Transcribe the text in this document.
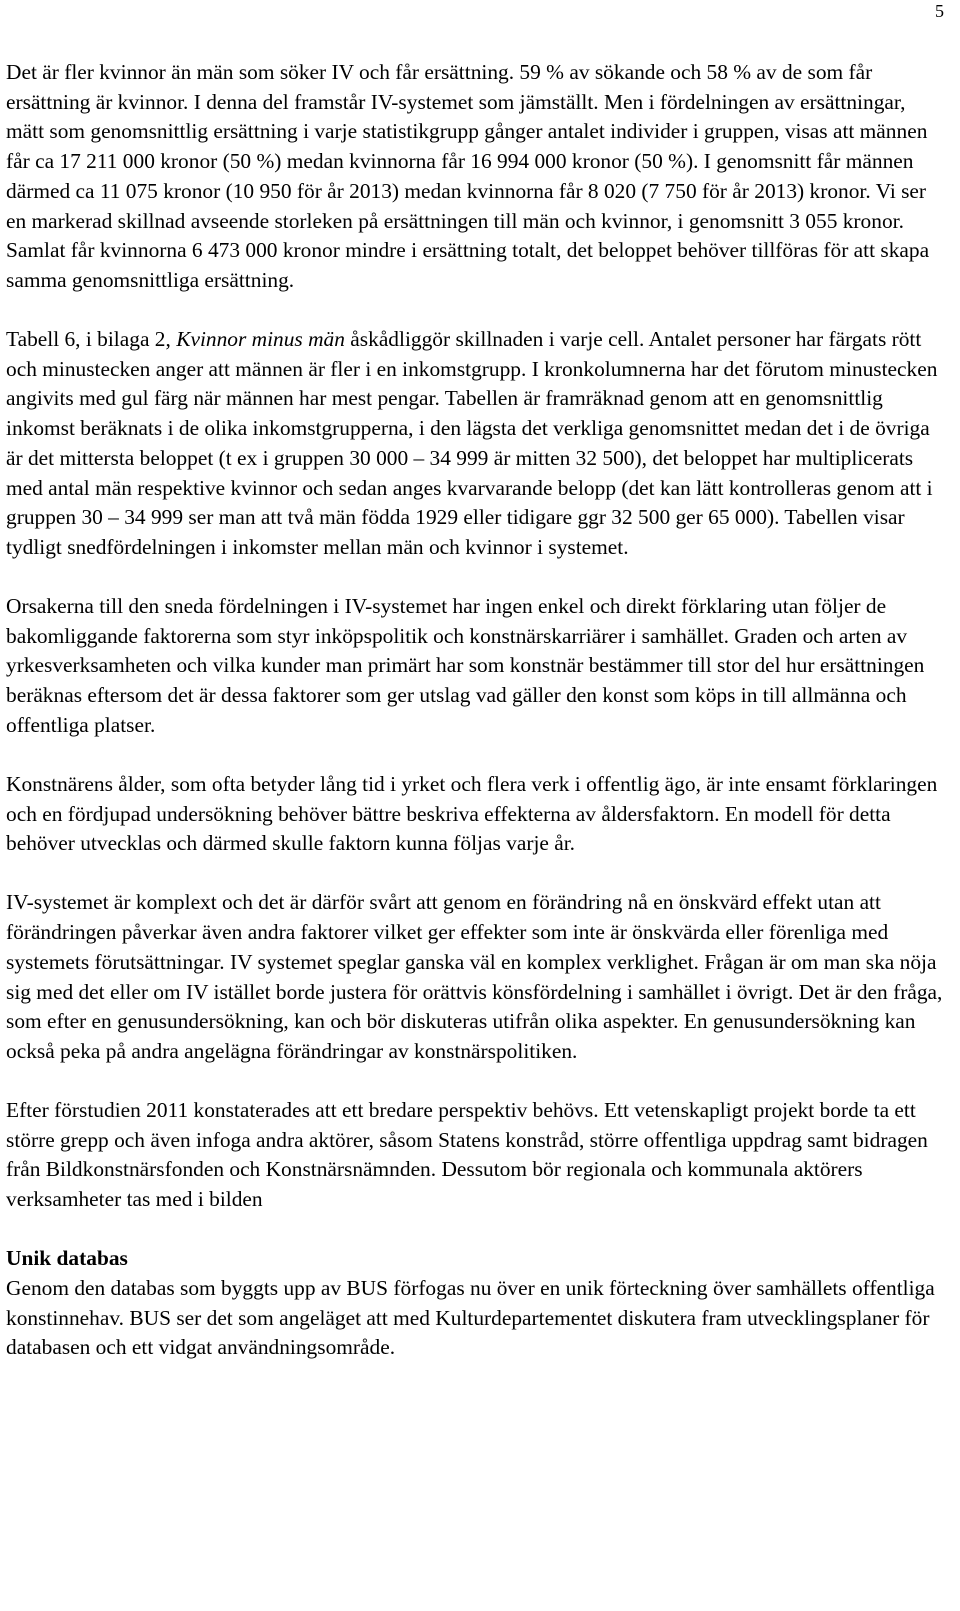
5

Det är fler kvinnor än män som söker IV och får ersättning. 59 % av sökande och 58 % av de som får ersättning är kvinnor. I denna del framstår IV-systemet som jämställt. Men i fördelningen av ersättningar, mätt som genomsnittlig ersättning i varje statistikgrupp gånger antalet individer i gruppen, visas att männen får ca 17 211 000 kronor (50 %) medan kvinnorna får 16 994 000 kronor (50 %). I genomsnitt får männen därmed ca 11 075 kronor (10 950 för år 2013) medan kvinnorna får 8 020 (7 750 för år 2013) kronor. Vi ser en markerad skillnad avseende storleken på ersättningen till män och kvinnor, i genomsnitt 3 055 kronor. Samlat får kvinnorna 6 473 000 kronor mindre i ersättning totalt, det beloppet behöver tillföras för att skapa samma genomsnittliga ersättning.

Tabell 6, i bilaga 2, Kvinnor minus män åskådliggör skillnaden i varje cell. Antalet personer har färgats rött och minustecken anger att männen är fler i en inkomstgrupp. I kronkolumnerna har det förutom minustecken angivits med gul färg när männen har mest pengar. Tabellen är framräknad genom att en genomsnittlig inkomst beräknats i de olika inkomstgrupperna, i den lägsta det verkliga genomsnittet medan det i de övriga är det mittersta beloppet (t ex i gruppen 30 000 – 34 999 är mitten 32 500), det beloppet har multiplicerats med antal män respektive kvinnor och sedan anges kvarvarande belopp (det kan lätt kontrolleras genom att i gruppen 30 – 34 999 ser man att två män födda 1929 eller tidigare ggr 32 500 ger 65 000). Tabellen visar tydligt snedfördelningen i inkomster mellan män och kvinnor i systemet.

Orsakerna till den sneda fördelningen i IV-systemet har ingen enkel och direkt förklaring utan följer de bakomliggande faktorerna som styr inköpspolitik och konstnärskarriärer i samhället. Graden och arten av yrkesverksamheten och vilka kunder man primärt har som konstnär bestämmer till stor del hur ersättningen beräknas eftersom det är dessa faktorer som ger utslag vad gäller den konst som köps in till allmänna och offentliga platser.

Konstnärens ålder, som ofta betyder lång tid i yrket och flera verk i offentlig ägo, är inte ensamt förklaringen och en fördjupad undersökning behöver bättre beskriva effekterna av åldersfaktorn. En modell för detta behöver utvecklas och därmed skulle faktorn kunna följas varje år.

IV-systemet är komplext och det är därför svårt att genom en förändring nå en önskvärd effekt utan att förändringen påverkar även andra faktorer vilket ger effekter som inte är önskvärda eller förenliga med systemets förutsättningar. IV systemet speglar ganska väl en komplex verklighet. Frågan är om man ska nöja sig med det eller om IV istället borde justera för orättvis könsfördelning i samhället i övrigt. Det är den fråga, som efter en genusundersökning, kan och bör diskuteras utifrån olika aspekter. En genusundersökning kan också peka på andra angelägna förändringar av konstnärspolitiken.

Efter förstudien 2011 konstaterades att ett bredare perspektiv behövs. Ett vetenskapligt projekt borde ta ett större grepp och även infoga andra aktörer, såsom Statens konstråd, större offentliga uppdrag samt bidragen från Bildkonstnärsfonden och Konstnärsnämnden. Dessutom bör regionala och kommunala aktörers verksamheter tas med i bilden

Unik databas

Genom den databas som byggts upp av BUS förfogas nu över en unik förteckning över samhällets offentliga konstinnehav. BUS ser det som angeläget att med Kulturdepartementet diskutera fram utvecklingsplaner för databasen och ett vidgat användningsområde.
